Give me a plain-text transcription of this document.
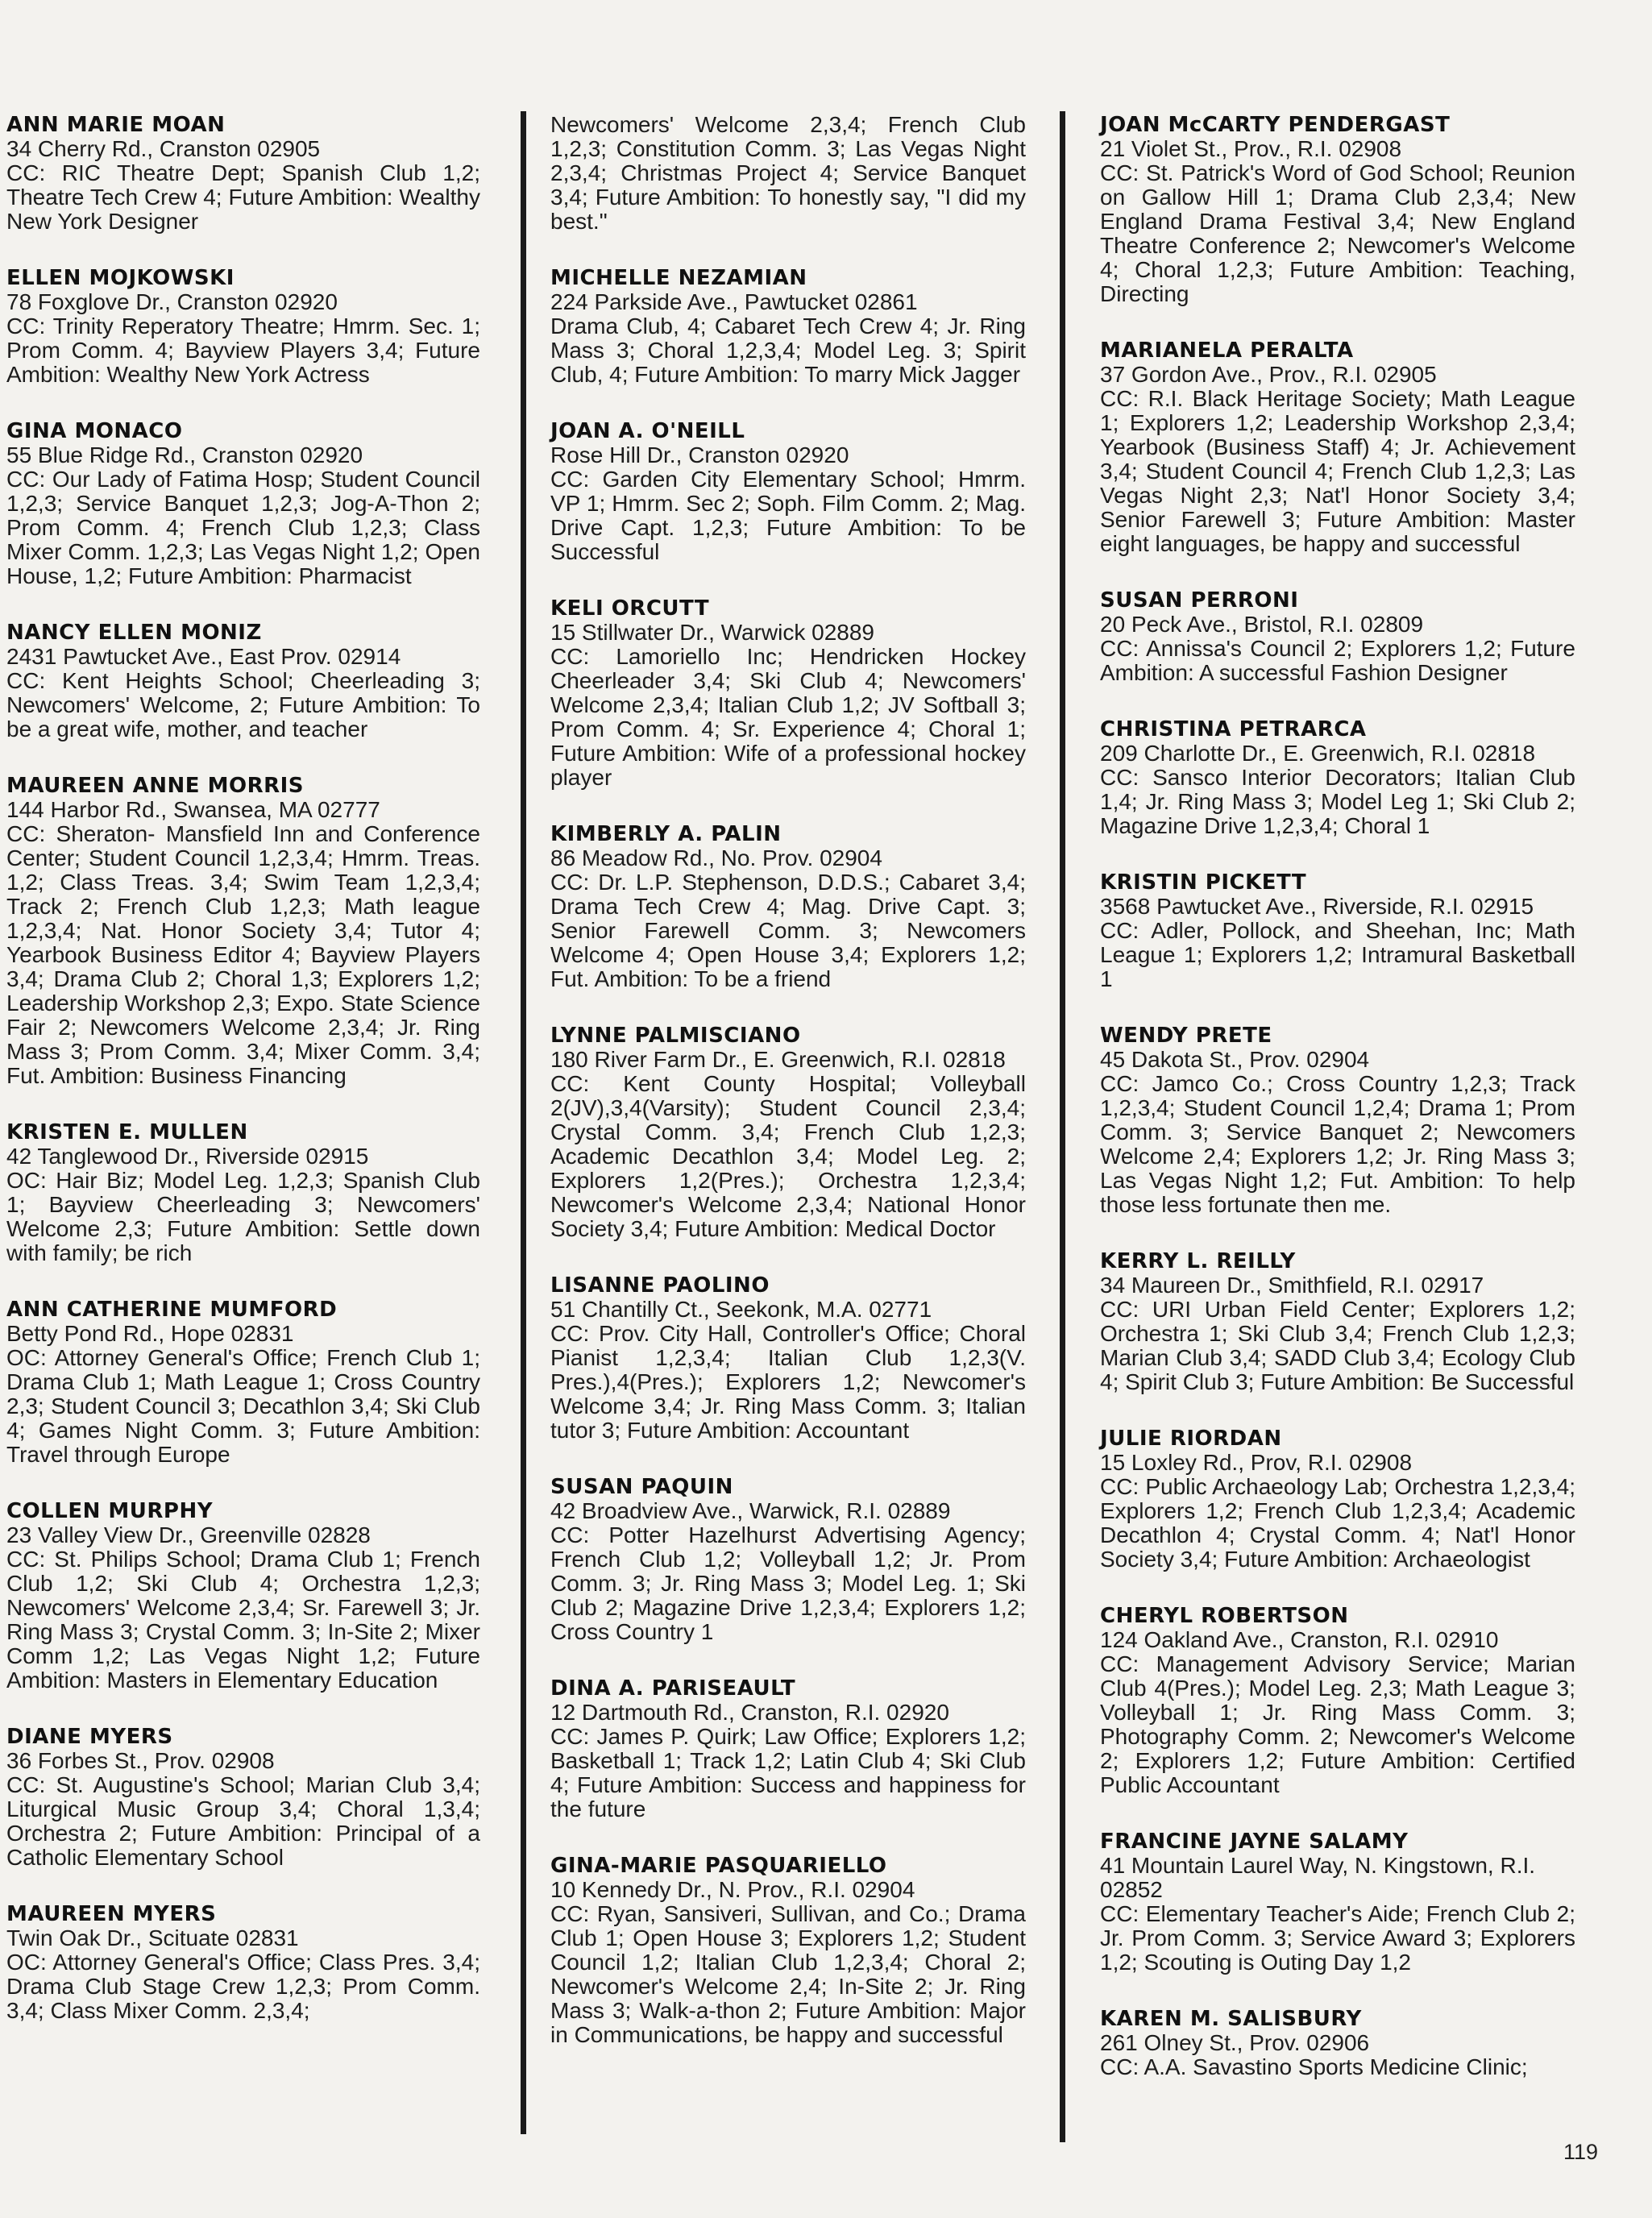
ANN MARIE MOAN

34 Cherry Rd., Cranston 02905

CC: RIC Theatre Dept; Spanish Club 1,2; Theatre Tech Crew 4; Future Ambition: Wealthy New York Designer

ELLEN MOJKOWSKI

78 Foxglove Dr., Cranston 02920

CC: Trinity Reperatory Theatre; Hmrm. Sec. 1; Prom Comm. 4; Bayview Players 3,4; Future Ambition: Wealthy New York Actress

GINA MONACO

55 Blue Ridge Rd., Cranston 02920

CC: Our Lady of Fatima Hosp; Student Council 1,2,3; Service Banquet 1,2,3; Jog-A-Thon 2; Prom Comm. 4; French Club 1,2,3; Class Mixer Comm. 1,2,3; Las Vegas Night 1,2; Open House, 1,2; Future Ambition: Pharmacist

NANCY ELLEN MONIZ

2431 Pawtucket Ave., East Prov. 02914

CC: Kent Heights School; Cheerleading 3; Newcomers' Welcome, 2; Future Ambition: To be a great wife, mother, and teacher

MAUREEN ANNE MORRIS

144 Harbor Rd., Swansea, MA 02777

CC: Sheraton- Mansfield Inn and Conference Center; Student Council 1,2,3,4; Hmrm. Treas. 1,2; Class Treas. 3,4; Swim Team 1,2,3,4; Track 2; French Club 1,2,3; Math league 1,2,3,4; Nat. Honor Society 3,4; Tutor 4; Yearbook Business Editor 4; Bayview Players 3,4; Drama Club 2; Choral 1,3; Explorers 1,2; Leadership Workshop 2,3; Expo. State Science Fair 2; Newcomers Welcome 2,3,4; Jr. Ring Mass 3; Prom Comm. 3,4; Mixer Comm. 3,4; Fut. Ambition: Business Financing

KRISTEN E. MULLEN

42 Tanglewood Dr., Riverside 02915

OC: Hair Biz; Model Leg. 1,2,3; Spanish Club 1; Bayview Cheerleading 3; Newcomers' Welcome 2,3; Future Ambition: Settle down with family; be rich

ANN CATHERINE MUMFORD

Betty Pond Rd., Hope 02831

OC: Attorney General's Office; French Club 1; Drama Club 1; Math League 1; Cross Country 2,3; Student Council 3; Decathlon 3,4; Ski Club 4; Games Night Comm. 3; Future Ambition: Travel through Europe

COLLEN MURPHY

23 Valley View Dr., Greenville 02828

CC: St. Philips School; Drama Club 1; French Club 1,2; Ski Club 4; Orchestra 1,2,3; Newcomers' Welcome 2,3,4; Sr. Farewell 3; Jr. Ring Mass 3; Crystal Comm. 3; In-Site 2; Mixer Comm 1,2; Las Vegas Night 1,2; Future Ambition: Masters in Elementary Education

DIANE MYERS

36 Forbes St., Prov. 02908

CC: St. Augustine's School; Marian Club 3,4; Liturgical Music Group 3,4; Choral 1,3,4; Orchestra 2; Future Ambition: Principal of a Catholic Elementary School

MAUREEN MYERS

Twin Oak Dr., Scituate 02831

OC: Attorney General's Office; Class Pres. 3,4; Drama Club Stage Crew 1,2,3; Prom Comm. 3,4; Class Mixer Comm. 2,3,4;

Newcomers' Welcome 2,3,4; French Club 1,2,3; Constitution Comm. 3; Las Vegas Night 2,3,4; Christmas Project 4; Service Banquet 3,4; Future Ambition: To honestly say, "I did my best."

MICHELLE NEZAMIAN

224 Parkside Ave., Pawtucket 02861

Drama Club, 4; Cabaret Tech Crew 4; Jr. Ring Mass 3; Choral 1,2,3,4; Model Leg. 3; Spirit Club, 4; Future Ambition: To marry Mick Jagger

JOAN A. O'NEILL

Rose Hill Dr., Cranston 02920

CC: Garden City Elementary School; Hmrm. VP 1; Hmrm. Sec 2; Soph. Film Comm. 2; Mag. Drive Capt. 1,2,3; Future Ambition: To be Successful

KELI ORCUTT

15 Stillwater Dr., Warwick 02889

CC: Lamoriello Inc; Hendricken Hockey Cheerleader 3,4; Ski Club 4; Newcomers' Welcome 2,3,4; Italian Club 1,2; JV Softball 3; Prom Comm. 4; Sr. Experience 4; Choral 1; Future Ambition: Wife of a professional hockey player

KIMBERLY A. PALIN

86 Meadow Rd., No. Prov. 02904

CC: Dr. L.P. Stephenson, D.D.S.; Cabaret 3,4; Drama Tech Crew 4; Mag. Drive Capt. 3; Senior Farewell Comm. 3; Newcomers Welcome 4; Open House 3,4; Explorers 1,2; Fut. Ambition: To be a friend

LYNNE PALMISCIANO

180 River Farm Dr., E. Greenwich, R.I. 02818

CC: Kent County Hospital; Volleyball 2(JV),3,4(Varsity); Student Council 2,3,4; Crystal Comm. 3,4; French Club 1,2,3; Academic Decathlon 3,4; Model Leg. 2; Explorers 1,2(Pres.); Orchestra 1,2,3,4; Newcomer's Welcome 2,3,4; National Honor Society 3,4; Future Ambition: Medical Doctor

LISANNE PAOLINO

51 Chantilly Ct., Seekonk, M.A. 02771

CC: Prov. City Hall, Controller's Office; Choral Pianist 1,2,3,4; Italian Club 1,2,3(V. Pres.),4(Pres.); Explorers 1,2; Newcomer's Welcome 3,4; Jr. Ring Mass Comm. 3; Italian tutor 3; Future Ambition: Accountant

SUSAN PAQUIN

42 Broadview Ave., Warwick, R.I. 02889

CC: Potter Hazelhurst Advertising Agency; French Club 1,2; Volleyball 1,2; Jr. Prom Comm. 3; Jr. Ring Mass 3; Model Leg. 1; Ski Club 2; Magazine Drive 1,2,3,4; Explorers 1,2; Cross Country 1

DINA A. PARISEAULT

12 Dartmouth Rd., Cranston, R.I. 02920

CC: James P. Quirk; Law Office; Explorers 1,2; Basketball 1; Track 1,2; Latin Club 4; Ski Club 4; Future Ambition: Success and happiness for the future

GINA-MARIE PASQUARIELLO

10 Kennedy Dr., N. Prov., R.I. 02904

CC: Ryan, Sansiveri, Sullivan, and Co.; Drama Club 1; Open House 3; Explorers 1,2; Student Council 1,2; Italian Club 1,2,3,4; Choral 2; Newcomer's Welcome 2,4; In-Site 2; Jr. Ring Mass 3; Walk-a-thon 2; Future Ambition: Major in Communications, be happy and successful

JOAN McCARTY PENDERGAST

21 Violet St., Prov., R.I. 02908

CC: St. Patrick's Word of God School; Reunion on Gallow Hill 1; Drama Club 2,3,4; New England Drama Festival 3,4; New England Theatre Conference 2; Newcomer's Welcome 4; Choral 1,2,3; Future Ambition: Teaching, Directing

MARIANELA PERALTA

37 Gordon Ave., Prov., R.I. 02905

CC: R.I. Black Heritage Society; Math League 1; Explorers 1,2; Leadership Workshop 2,3,4; Yearbook (Business Staff) 4; Jr. Achievement 3,4; Student Council 4; French Club 1,2,3; Las Vegas Night 2,3; Nat'l Honor Society 3,4; Senior Farewell 3; Future Ambition: Master eight languages, be happy and successful

SUSAN PERRONI

20 Peck Ave., Bristol, R.I. 02809

CC: Annissa's Council 2; Explorers 1,2; Future Ambition: A successful Fashion Designer

CHRISTINA PETRARCA

209 Charlotte Dr., E. Greenwich, R.I. 02818

CC: Sansco Interior Decorators; Italian Club 1,4; Jr. Ring Mass 3; Model Leg 1; Ski Club 2; Magazine Drive 1,2,3,4; Choral 1

KRISTIN PICKETT

3568 Pawtucket Ave., Riverside, R.I. 02915

CC: Adler, Pollock, and Sheehan, Inc; Math League 1; Explorers 1,2; Intramural Basketball 1

WENDY PRETE

45 Dakota St., Prov. 02904

CC: Jamco Co.; Cross Country 1,2,3; Track 1,2,3,4; Student Council 1,2,4; Drama 1; Prom Comm. 3; Service Banquet 2; Newcomers Welcome 2,4; Explorers 1,2; Jr. Ring Mass 3; Las Vegas Night 1,2; Fut. Ambition: To help those less fortunate then me.

KERRY L. REILLY

34 Maureen Dr., Smithfield, R.I. 02917

CC: URI Urban Field Center; Explorers 1,2; Orchestra 1; Ski Club 3,4; French Club 1,2,3; Marian Club 3,4; SADD Club 3,4; Ecology Club 4; Spirit Club 3; Future Ambition: Be Successful

JULIE RIORDAN

15 Loxley Rd., Prov, R.I. 02908

CC: Public Archaeology Lab; Orchestra 1,2,3,4; Explorers 1,2; French Club 1,2,3,4; Academic Decathlon 4; Crystal Comm. 4; Nat'l Honor Society 3,4; Future Ambition: Archaeologist

CHERYL ROBERTSON

124 Oakland Ave., Cranston, R.I. 02910

CC: Management Advisory Service; Marian Club 4(Pres.); Model Leg. 2,3; Math League 3; Volleyball 1; Jr. Ring Mass Comm. 3; Photography Comm. 2; Newcomer's Welcome 2; Explorers 1,2; Future Ambition: Certified Public Accountant

FRANCINE JAYNE SALAMY

41 Mountain Laurel Way, N. Kingstown, R.I. 02852

CC: Elementary Teacher's Aide; French Club 2; Jr. Prom Comm. 3; Service Award 3; Explorers 1,2; Scouting is Outing Day 1,2

KAREN M. SALISBURY

261 Olney St., Prov. 02906

CC: A.A. Savastino Sports Medicine Clinic;

119
